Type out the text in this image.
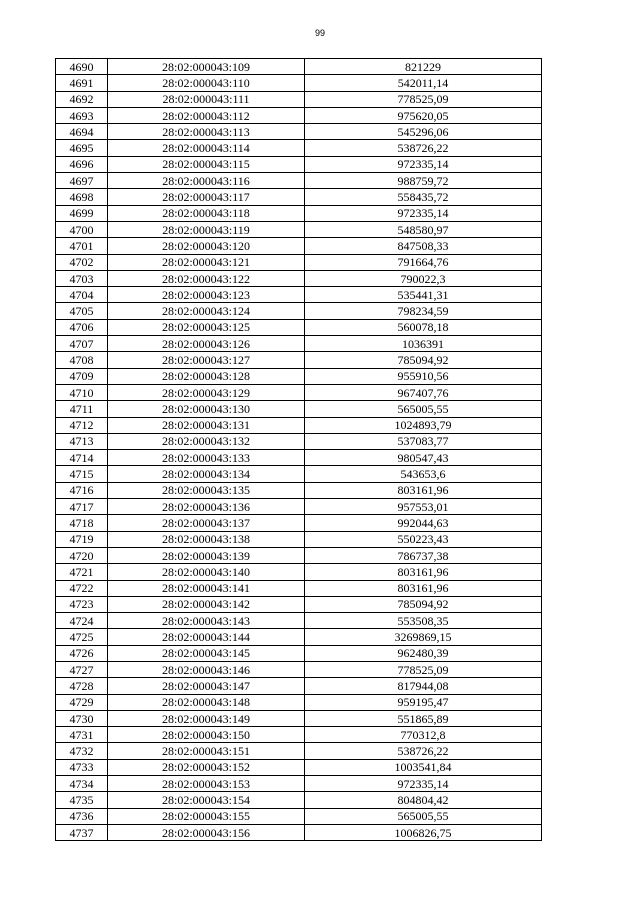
99
4690	28:02:000043:109	821229
4691	28:02:000043:110	542011,14
4692	28:02:000043:111	778525,09
4693	28:02:000043:112	975620,05
4694	28:02:000043:113	545296,06
4695	28:02:000043:114	538726,22
4696	28:02:000043:115	972335,14
4697	28:02:000043:116	988759,72
4698	28:02:000043:117	558435,72
4699	28:02:000043:118	972335,14
4700	28:02:000043:119	548580,97
4701	28:02:000043:120	847508,33
4702	28:02:000043:121	791664,76
4703	28:02:000043:122	790022,3
4704	28:02:000043:123	535441,31
4705	28:02:000043:124	798234,59
4706	28:02:000043:125	560078,18
4707	28:02:000043:126	1036391
4708	28:02:000043:127	785094,92
4709	28:02:000043:128	955910,56
4710	28:02:000043:129	967407,76
4711	28:02:000043:130	565005,55
4712	28:02:000043:131	1024893,79
4713	28:02:000043:132	537083,77
4714	28:02:000043:133	980547,43
4715	28:02:000043:134	543653,6
4716	28:02:000043:135	803161,96
4717	28:02:000043:136	957553,01
4718	28:02:000043:137	992044,63
4719	28:02:000043:138	550223,43
4720	28:02:000043:139	786737,38
4721	28:02:000043:140	803161,96
4722	28:02:000043:141	803161,96
4723	28:02:000043:142	785094,92
4724	28:02:000043:143	553508,35
4725	28:02:000043:144	3269869,15
4726	28:02:000043:145	962480,39
4727	28:02:000043:146	778525,09
4728	28:02:000043:147	817944,08
4729	28:02:000043:148	959195,47
4730	28:02:000043:149	551865,89
4731	28:02:000043:150	770312,8
4732	28:02:000043:151	538726,22
4733	28:02:000043:152	1003541,84
4734	28:02:000043:153	972335,14
4735	28:02:000043:154	804804,42
4736	28:02:000043:155	565005,55
4737	28:02:000043:156	1006826,75
